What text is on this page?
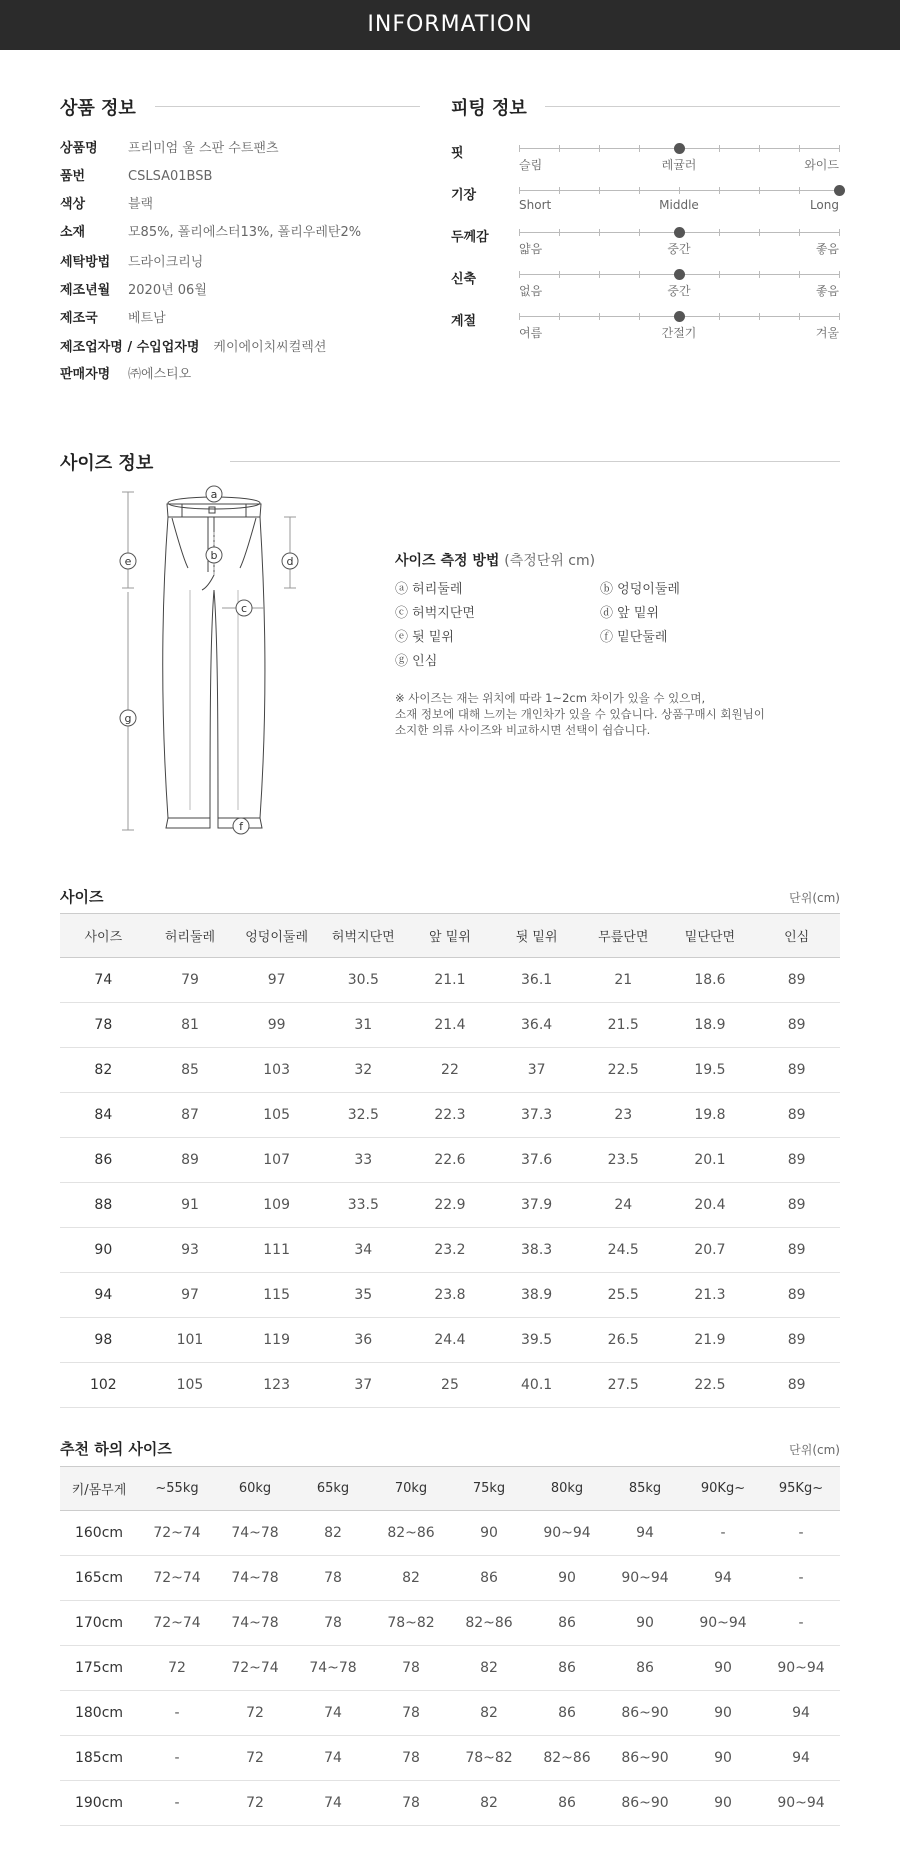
INFORMATION
상품 정보
상품명 프리미엄 울 스판 수트팬츠
품번	CSLSA01BSB
색상	블랙
소재	모85%, 폴리에스터13%, 폴리우레탄2%
세탁방법 드라이크리닝
제조년월 2020년 06월
제조국 베트남
제조업자명 / 수입업자명 케이에이치씨컬렉션
판매자명 ㈜에스티오
피팅 정보
핏
슬림	레귤러	와이드
기장
Short	Middle	Long
두께감
얇음	중간	좋음
신축
없음	중간	좋음
계절
여름	간절기	겨울
사이즈 정보
a
b
c
d
e
f
g
사이즈 측정 방법 (측정단위 cm)
ⓐ 허리둘레	ⓑ 엉덩이둘레
ⓒ 허벅지단면	ⓓ 앞 밑위
ⓔ 뒷 밑위	ⓕ 밑단둘레
ⓖ 인심
※ 사이즈는 재는 위치에 따라 1~2cm 차이가 있을 수 있으며,
소재 정보에 대해 느끼는 개인차가 있을 수 있습니다. 상품구매시 회원님이
소지한 의류 사이즈와 비교하시면 선택이 쉽습니다.
사이즈	단위(cm)
사이즈	허리둘레	엉덩이둘레	허벅지단면	앞 밑위	뒷 밑위	무릎단면	밑단단면	인심
74	79	97	30.5	21.1	36.1	21	18.6	89
78	81	99	31	21.4	36.4	21.5	18.9	89
82	85	103	32	22	37	22.5	19.5	89
84	87	105	32.5	22.3	37.3	23	19.8	89
86	89	107	33	22.6	37.6	23.5	20.1	89
88	91	109	33.5	22.9	37.9	24	20.4	89
90	93	111	34	23.2	38.3	24.5	20.7	89
94	97	115	35	23.8	38.9	25.5	21.3	89
98	101	119	36	24.4	39.5	26.5	21.9	89
102	105	123	37	25	40.1	27.5	22.5	89
추천 하의 사이즈	단위(cm)
키/몸무게	~55kg	60kg	65kg	70kg	75kg	80kg	85kg	90Kg~	95Kg~
160cm	72~74	74~78	82	82~86	90	90~94	94	-	-
165cm	72~74	74~78	78	82	86	90	90~94	94	-
170cm	72~74	74~78	78	78~82	82~86	86	90	90~94	-
175cm	72	72~74	74~78	78	82	86	86	90	90~94
180cm	-	72	74	78	82	86	86~90	90	94
185cm	-	72	74	78	78~82	82~86	86~90	90	94
190cm	-	72	74	78	82	86	86~90	90	90~94
